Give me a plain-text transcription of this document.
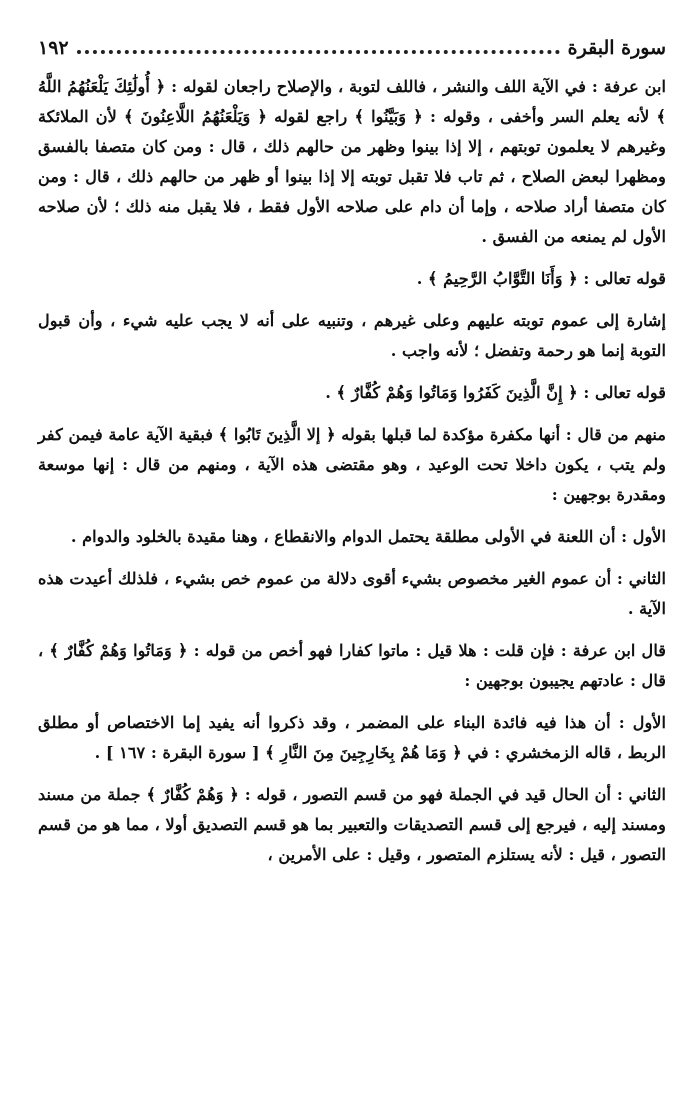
سورة البقرة
١٩٢

ابن عرفة : في الآية اللف والنشر ، فاللف لتوبة ، والإصلاح راجعان لقوله : ﴿ أُولَٰئِكَ يَلْعَنُهُمُ اللَّهُ ﴾ لأنه يعلم السر وأخفى ، وقوله : ﴿ وَبَيَّنُوا ﴾ راجع لقوله ﴿ وَيَلْعَنُهُمُ اللَّاعِنُونَ ﴾ لأن الملائكة وغيرهم لا يعلمون توبتهم ، إلا إذا بينوا وظهر من حالهم ذلك ، قال : ومن كان متصفا بالفسق ومظهرا لبعض الصلاح ، ثم تاب فلا تقبل توبته إلا إذا بينوا أو ظهر من حالهم ذلك ، قال : ومن كان متصفا أراد صلاحه ، وإما أن دام على صلاحه الأول فقط ، فلا يقبل منه ذلك ؛ لأن صلاحه الأول لم يمنعه من الفسق .

قوله تعالى : ﴿ وَأَنَا التَّوَّابُ الرَّحِيمُ ﴾ .

إشارة إلى عموم توبته عليهم وعلى غيرهم ، وتنبيه على أنه لا يجب عليه شيء ، وأن قبول التوبة إنما هو رحمة وتفضل ؛ لأنه واجب .

قوله تعالى : ﴿ إِنَّ الَّذِينَ كَفَرُوا وَمَاتُوا وَهُمْ كُفَّارٌ ﴾ .

منهم من قال : أنها مكفرة مؤكدة لما قبلها بقوله ﴿ إلا الَّذِينَ تَابُوا ﴾ فبقية الآية عامة فيمن كفر ولم يتب ، يكون داخلا تحت الوعيد ، وهو مقتضى هذه الآية ، ومنهم من قال : إنها موسعة ومقدرة بوجهين :

الأول : أن اللعنة في الأولى مطلقة يحتمل الدوام والانقطاع ، وهنا مقيدة بالخلود والدوام .

الثاني : أن عموم الغير مخصوص بشيء أقوى دلالة من عموم خص بشيء ، فلذلك أعيدت هذه الآية .

قال ابن عرفة : فإن قلت : هلا قيل : ماتوا كفارا فهو أخص من قوله : ﴿ وَمَاتُوا وَهُمْ كُفَّارٌ ﴾ ، قال : عادتهم يجيبون بوجهين :

الأول : أن هذا فيه فائدة البناء على المضمر ، وقد ذكروا أنه يفيد إما الاختصاص أو مطلق الربط ، قاله الزمخشري : في ﴿ وَمَا هُمْ بِخَارِجِينَ مِنَ النَّارِ ﴾ [ سورة البقرة : ١٦٧ ] .

الثاني : أن الحال قيد في الجملة فهو من قسم التصور ، قوله : ﴿ وَهُمْ كُفَّارٌ ﴾ جملة من مسند ومسند إليه ، فيرجع إلى قسم التصديقات والتعبير بما هو قسم التصديق أولا ، مما هو من قسم التصور ، قيل : لأنه يستلزم المتصور ، وقيل : على الأمرين ،
